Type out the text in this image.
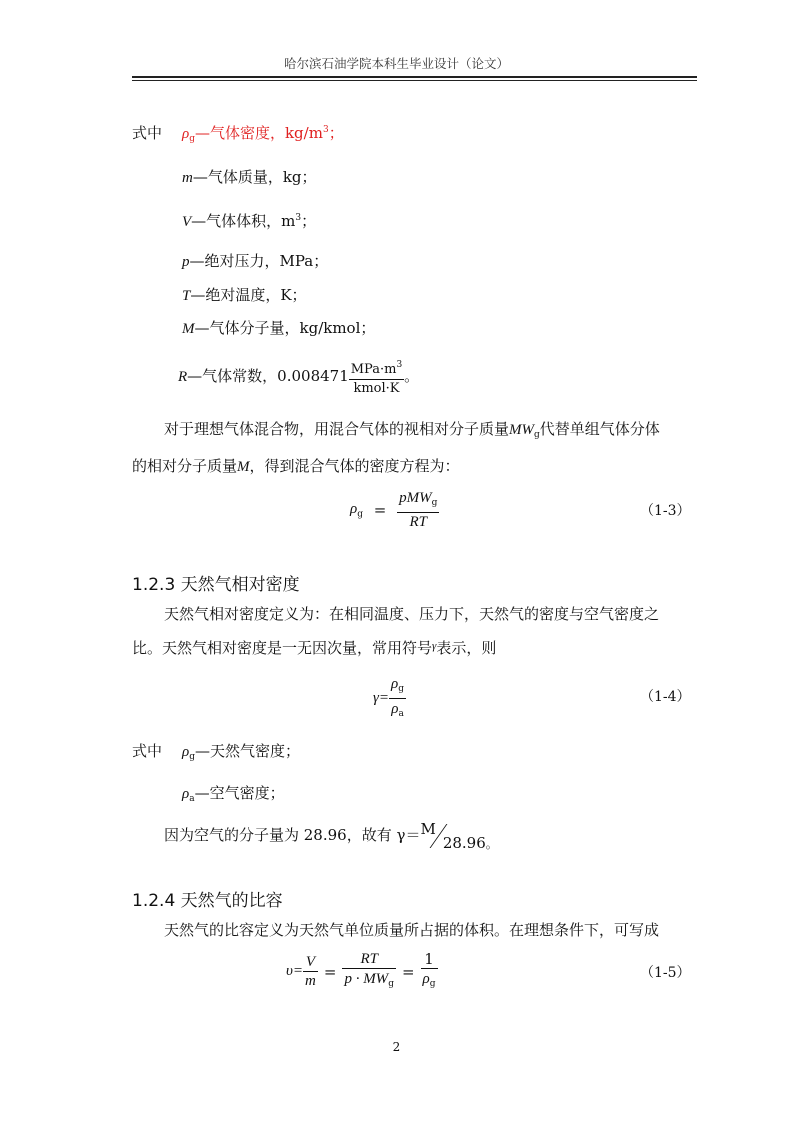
哈尔滨石油学院本科生毕业设计（论文）
式中 $\rho_g—$气体密度，$kg/m^3$；
m—气体质量，kg；
V—气体体积，$m^3$；
p—绝对压力，MPa；
T—绝对温度，K；
M—气体分子量，kg/kmol；
R—气体常数，$0.008471 \frac{MPa\cdot m^3}{\text{kmol·K}}$ 。
对于理想气体混合物，用混合气体的视相对分子质量$MW_g$代替单组气体分体
的相对分子质量M，得到混合气体的密度方程为：
$\rho_g = \frac{pMW_g}{RT}$	（1-3）
1.2.3 天然气相对密度
天然气相对密度定义为：在相同温度、压力下，天然气的密度与空气密度之
比。天然气相对密度是一无因次量，常用符号$^\gamma$表示，则
$\gamma= \frac{\rho_g}{\rho_a}$	（1-4）
式中 $\rho_g—$天然气密度；
$\rho_a—$空气密度；
因为空气的分子量为 28.96，故有 $\gamma=M28.96_。$
1.2.4 天然气的比容
天然气的比容定义为天然气单位质量所占据的体积。在理想条件下，可写成
$\upsilon= \frac{V}{m} = \frac{RT}{p \cdot MW_g} = \frac{1}{\rho_g}$	（1-5）
2
